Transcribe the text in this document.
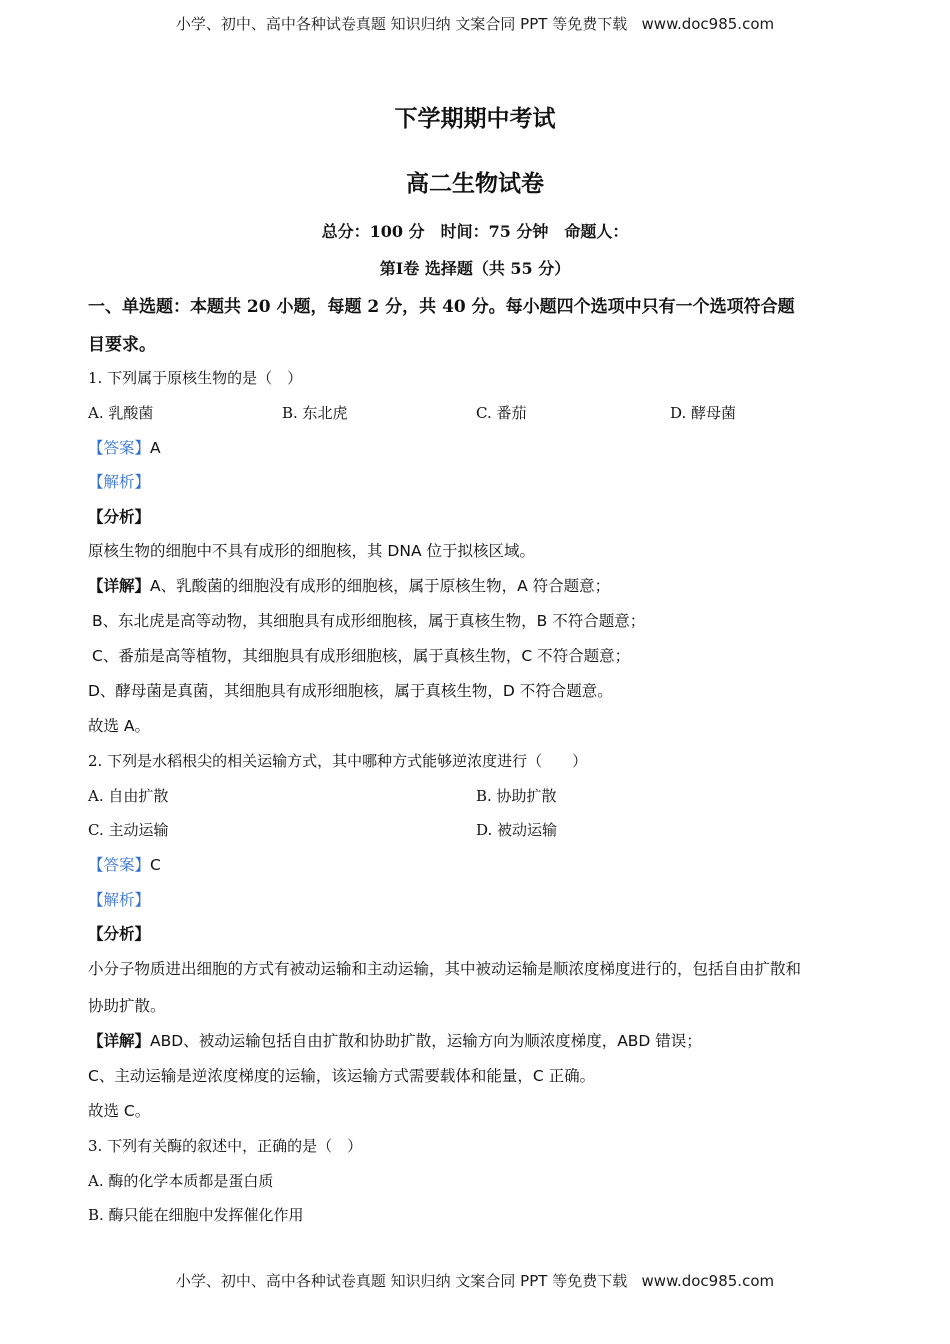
小学、初中、高中各种试卷真题 知识归纳 文案合同 PPT 等免费下载 www.doc985.com
下学期期中考试
高二生物试卷
总分：100 分　时间：75 分钟　命题人：
第Ⅰ卷 选择题（共 55 分）
一、单选题：本题共 20 小题，每题 2 分，共 40 分。每小题四个选项中只有一个选项符合题
目要求。
1. 下列属于原核生物的是（　）
A. 乳酸菌	B. 东北虎	C. 番茄	D. 酵母菌
【答案】A
【解析】
【分析】
原核生物的细胞中不具有成形的细胞核，其 DNA 位于拟核区域。
【详解】A、乳酸菌的细胞没有成形的细胞核，属于原核生物，A 符合题意；
B、东北虎是高等动物，其细胞具有成形细胞核，属于真核生物，B 不符合题意；
C、番茄是高等植物，其细胞具有成形细胞核，属于真核生物，C 不符合题意；
D、酵母菌是真菌，其细胞具有成形细胞核，属于真核生物，D 不符合题意。
故选 A。
2. 下列是水稻根尖的相关运输方式，其中哪种方式能够逆浓度进行（　　）
A. 自由扩散	B. 协助扩散
C. 主动运输	D. 被动运输
【答案】C
【解析】
【分析】
小分子物质进出细胞的方式有被动运输和主动运输，其中被动运输是顺浓度梯度进行的，包括自由扩散和
协助扩散。
【详解】ABD、被动运输包括自由扩散和协助扩散，运输方向为顺浓度梯度，ABD 错误；
C、主动运输是逆浓度梯度的运输，该运输方式需要载体和能量，C 正确。
故选 C。
3. 下列有关酶的叙述中，正确的是（　）
A. 酶的化学本质都是蛋白质
B. 酶只能在细胞中发挥催化作用
小学、初中、高中各种试卷真题 知识归纳 文案合同 PPT 等免费下载 www.doc985.com
